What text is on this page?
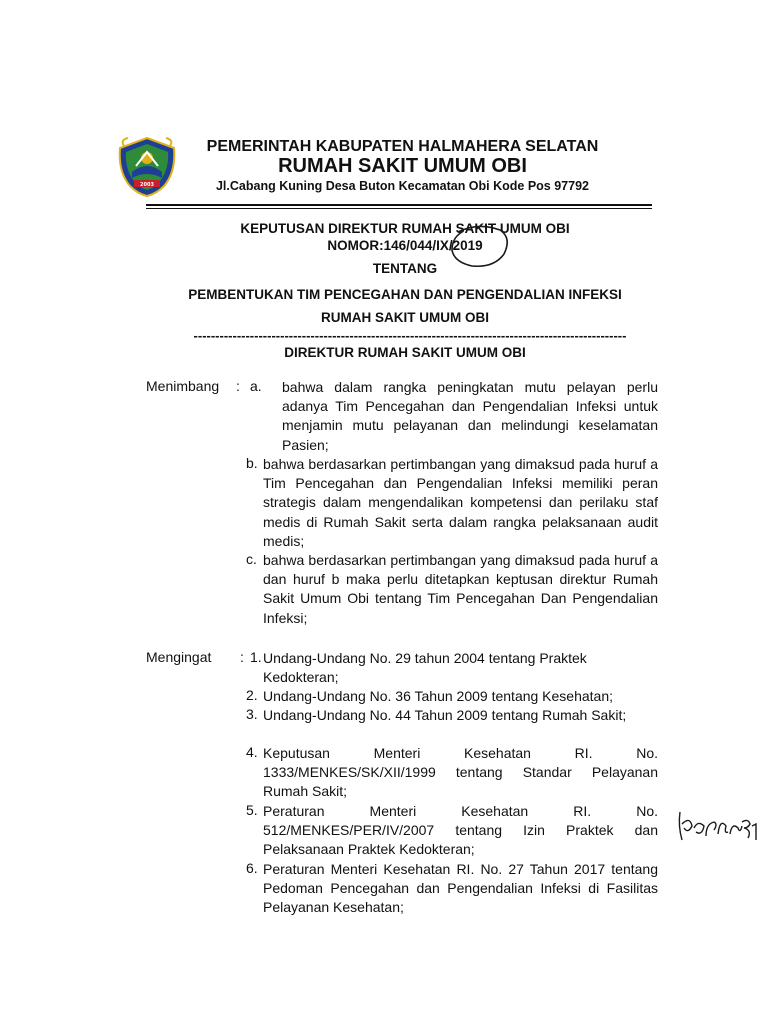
2003

PEMERINTAH KABUPATEN HALMAHERA SELATAN

RUMAH SAKIT UMUM OBI

Jl.Cabang Kuning Desa Buton Kecamatan Obi Kode Pos 97792

KEPUTUSAN DIREKTUR RUMAH SAKIT UMUM OBI

NOMOR:146/044/IX/2019

TENTANG

PEMBENTUKAN TIM PENCEGAHAN DAN PENGENDALIAN INFEKSI

RUMAH SAKIT UMUM OBI

----------------------------------------------------------------------------------------------------

DIREKTUR RUMAH SAKIT UMUM OBI

Menimbang : a. bahwa dalam rangka peningkatan mutu pelayan perlu adanya Tim Pencegahan dan Pengendalian Infeksi untuk menjamin mutu pelayanan dan melindungi keselamatan Pasien;

b. bahwa berdasarkan pertimbangan yang dimaksud pada huruf a Tim Pencegahan dan Pengendalian Infeksi memiliki peran strategis dalam mengendalikan kompetensi dan perilaku staf medis di Rumah Sakit serta dalam rangka pelaksanaan audit medis;

c. bahwa berdasarkan pertimbangan yang dimaksud pada huruf a dan huruf b maka perlu ditetapkan keptusan direktur Rumah Sakit Umum Obi tentang Tim Pencegahan Dan Pengendalian Infeksi;

Mengingat : 1. Undang-Undang No. 29 tahun 2004 tentang Praktek Kedokteran;

2. Undang-Undang No. 36 Tahun 2009 tentang Kesehatan;

3. Undang-Undang No. 44 Tahun 2009 tentang Rumah Sakit;

4. Keputusan Menteri Kesehatan RI. No. 1333/MENKES/SK/XII/1999 tentang Standar Pelayanan Rumah Sakit;

5. Peraturan Menteri Kesehatan RI. No. 512/MENKES/PER/IV/2007 tentang Izin Praktek dan Pelaksanaan Praktek Kedokteran;

6. Peraturan Menteri Kesehatan RI. No. 27 Tahun 2017 tentang Pedoman Pencegahan dan Pengendalian Infeksi di Fasilitas Pelayanan Kesehatan;
